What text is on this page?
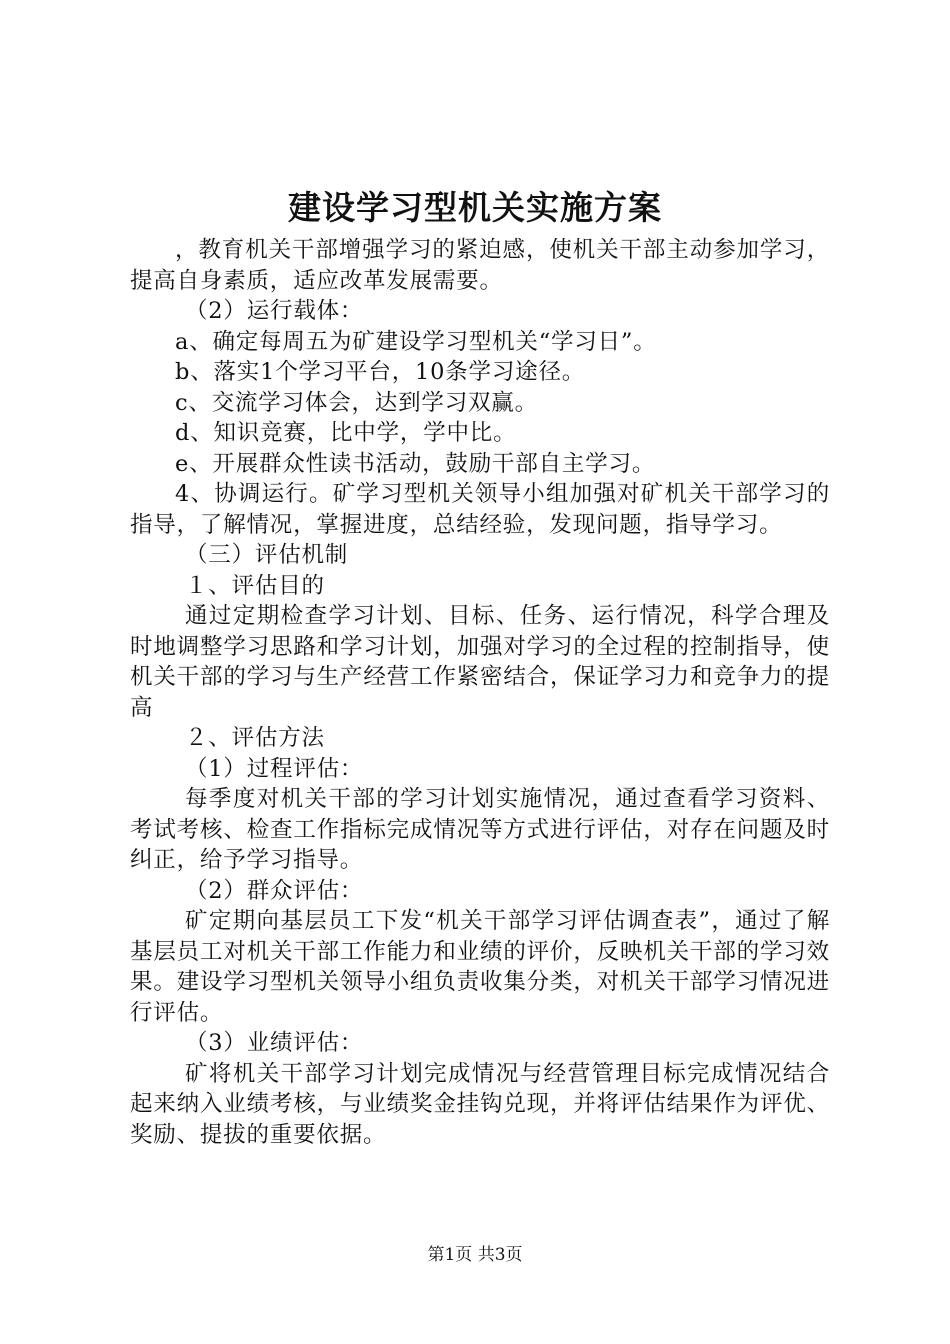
建设学习型机关实施方案

，教育机关干部增强学习的紧迫感，使机关干部主动参加学习，提高自身素质，适应改革发展需要。

（2）运行载体：

a、确定每周五为矿建设学习型机关“学习日”。

b、落实1个学习平台，10条学习途径。

c、交流学习体会，达到学习双赢。

d、知识竞赛，比中学，学中比。

e、开展群众性读书活动，鼓励干部自主学习。

4、协调运行。矿学习型机关领导小组加强对矿机关干部学习的指导，了解情况，掌握进度，总结经验，发现问题，指导学习。

（三）评估机制

１、评估目的

通过定期检查学习计划、目标、任务、运行情况，科学合理及时地调整学习思路和学习计划，加强对学习的全过程的控制指导，使机关干部的学习与生产经营工作紧密结合，保证学习力和竞争力的提高

２、评估方法

（1）过程评估：

每季度对机关干部的学习计划实施情况，通过查看学习资料、考试考核、检查工作指标完成情况等方式进行评估，对存在问题及时纠正，给予学习指导。

（2）群众评估：

矿定期向基层员工下发“机关干部学习评估调查表”，通过了解基层员工对机关干部工作能力和业绩的评价，反映机关干部的学习效果。建设学习型机关领导小组负责收集分类，对机关干部学习情况进行评估。

（3）业绩评估：

矿将机关干部学习计划完成情况与经营管理目标完成情况结合起来纳入业绩考核，与业绩奖金挂钩兑现，并将评估结果作为评优、奖励、提拔的重要依据。

第1页 共3页
